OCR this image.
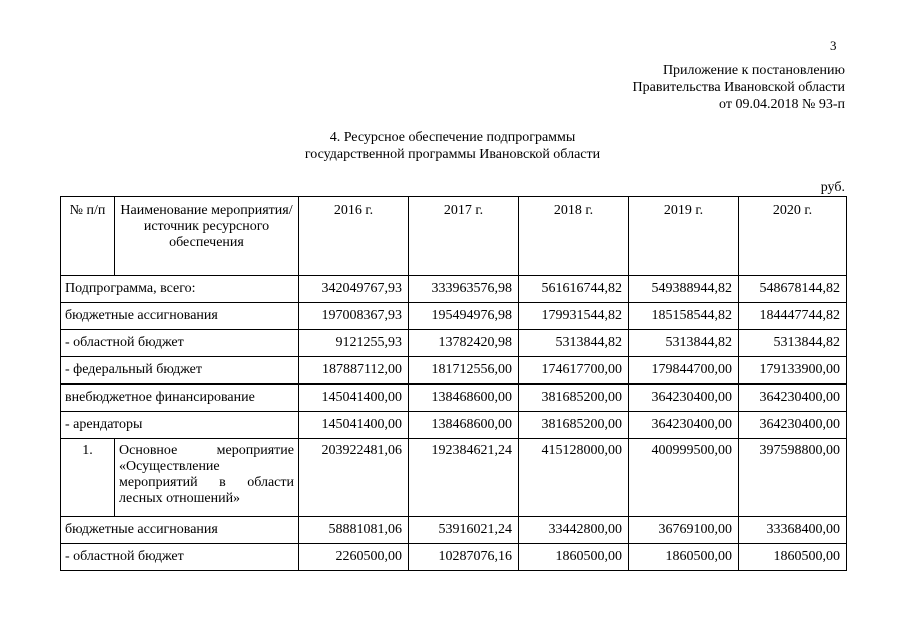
3
Приложение к постановлению
Правительства Ивановской области
от 09.04.2018 № 93-п
4. Ресурсное обеспечение подпрограммы
государственной программы Ивановской области
руб.
№ п/п	Наименование мероприятия/ источник ресурсного обеспечения	2016 г.	2017 г.	2018 г.	2019 г.	2020 г.
Подпрограмма, всего:		342049767,93	333963576,98	561616744,82	549388944,82	548678144,82
бюджетные ассигнования		197008367,93	195494976,98	179931544,82	185158544,82	184447744,82
- областной бюджет		9121255,93	13782420,98	5313844,82	5313844,82	5313844,82
- федеральный бюджет		187887112,00	181712556,00	174617700,00	179844700,00	179133900,00
внебюджетное финансирование		145041400,00	138468600,00	381685200,00	364230400,00	364230400,00
- арендаторы		145041400,00	138468600,00	381685200,00	364230400,00	364230400,00
1.	Основное мероприятие «Осуществление мероприятий в области лесных отношений»	203922481,06	192384621,24	415128000,00	400999500,00	397598800,00
бюджетные ассигнования		58881081,06	53916021,24	33442800,00	36769100,00	33368400,00
- областной бюджет		2260500,00	10287076,16	1860500,00	1860500,00	1860500,00
